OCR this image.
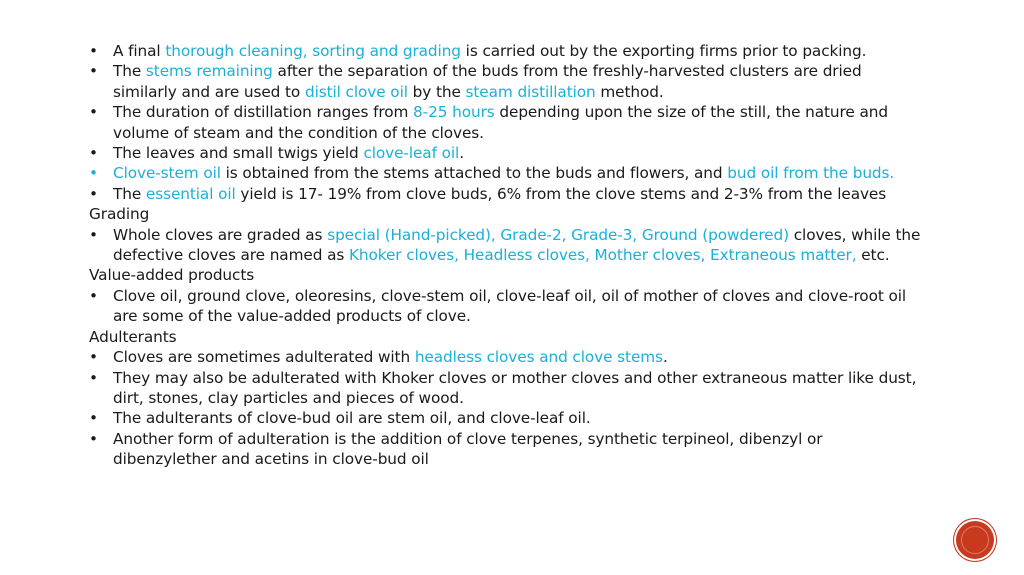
• A final thorough cleaning, sorting and grading is carried out by the exporting firms prior to packing.
• The stems remaining after the separation of the buds from the freshly-harvested clusters are dried similarly and are used to distil clove oil by the steam distillation method.
• The duration of distillation ranges from 8-25 hours depending upon the size of the still, the nature and volume of steam and the condition of the cloves.
• The leaves and small twigs yield clove-leaf oil.
• Clove-stem oil is obtained from the stems attached to the buds and flowers, and bud oil from the buds.
• The essential oil yield is 17- 19% from clove buds, 6% from the clove stems and 2-3% from the leaves
Grading
• Whole cloves are graded as special (Hand-picked), Grade-2, Grade-3, Ground (powdered) cloves, while the defective cloves are named as Khoker cloves, Headless cloves, Mother cloves, Extraneous matter, etc.
Value-added products
• Clove oil, ground clove, oleoresins, clove-stem oil, clove-leaf oil, oil of mother of cloves and clove-root oil are some of the value-added products of clove.
Adulterants
• Cloves are sometimes adulterated with headless cloves and clove stems.
• They may also be adulterated with Khoker cloves or mother cloves and other extraneous matter like dust, dirt, stones, clay particles and pieces of wood.
• The adulterants of clove-bud oil are stem oil, and clove-leaf oil.
• Another form of adulteration is the addition of clove terpenes, synthetic terpineol, dibenzyl or dibenzylether and acetins in clove-bud oil
